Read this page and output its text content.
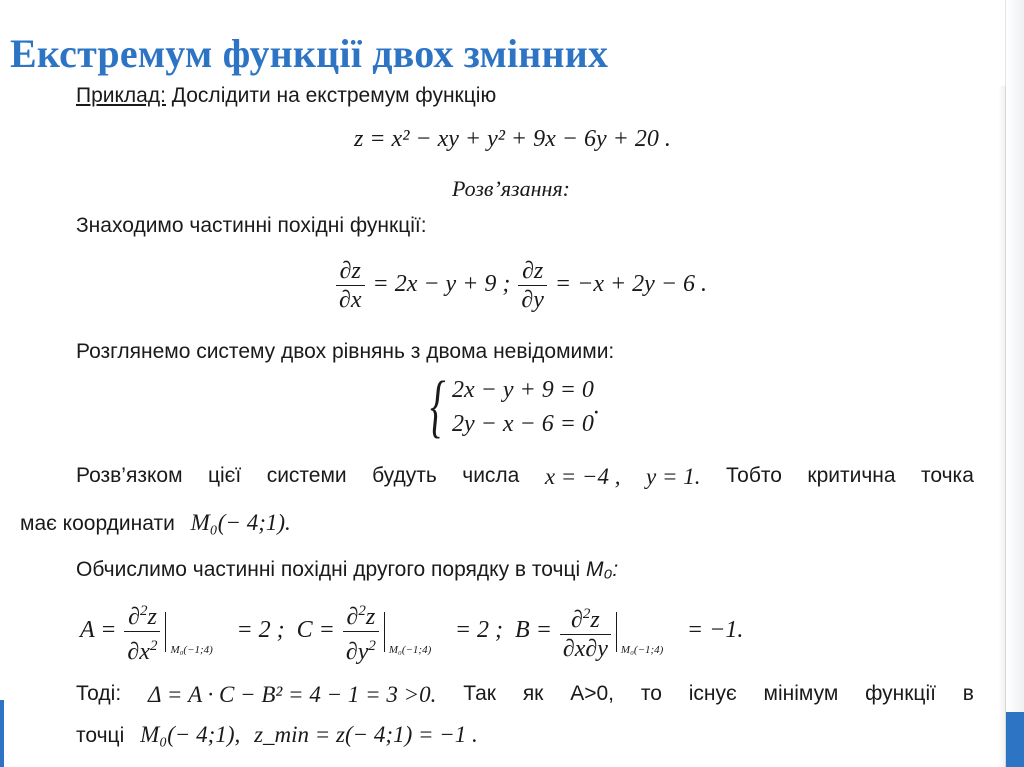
Екстремум функції двох змінних
Приклад: Дослідити на екстремум функцію
z = x² − xy + y² + 9x − 6y + 20 .
Розв’язання:
Знаходимо частинні похідні функції:
$\frac{\partial z}{\partial x} = 2x - y + 9$ ; $\frac{\partial z}{\partial y} = -x + 2y - 6$ .
Розглянемо систему двох рівнянь з двома невідомими:
{ 2x − y + 9 = 0
2y − x − 6 = 0
.
Розв’язком цієї системи будуть числа x = −4 , y = 1. Тобто критична точка
має координати M₀(− 4;1).
Обчислимо частинні похідні другого порядку в точці M₀:
$A = \frac{\partial^2z}{\partial x^2}$ M₀(−1;4)
= 2 ; $C = \frac{\partial^2z}{\partial y^2}$ M₀(−1;4)
= 2 ; $B = \frac{\partial^2z}{\partial x\partial y}$ M₀(−1;4)
= −1.
Тоді: Δ = A · C − B² = 4 − 1 = 3 >0. Так як A>0, то існує мінімум функції в
точці M₀(− 4;1), z_min = z(− 4;1) = −1 .
